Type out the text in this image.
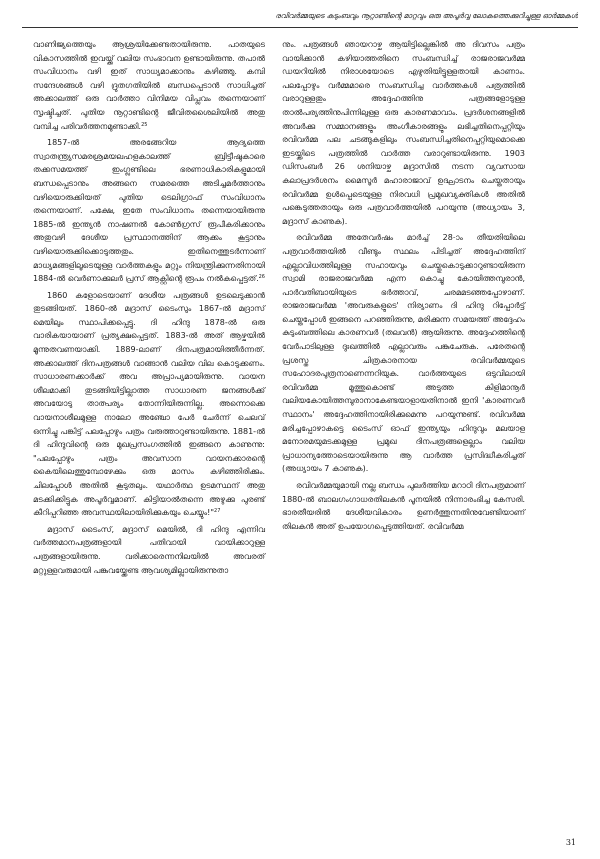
രവിവർമ്മയുടെ കുടുംബവും നൂറ്റാണ്ടിന്റെ മാറ്റവും ഒരു അപൂർവ്വ ലോകത്തെക്കുറിച്ചുള്ള ഓർമ്മകൾ

വാണിജ്യത്തെയും ആശ്രയിക്കേണ്ടതായിരുന്നു. പാതയുടെ വികാസത്തിൽ ഇവയ്ക്ക് വലിയ സംഭാവന ഉണ്ടായിരുന്നു. തപാൽ സംവിധാനം വഴി ഇത് സാധ്യമാക്കാനും കഴിഞ്ഞു. കമ്പി സന്ദേശങ്ങൾ വഴി ദ്രുതഗതിയിൽ ബന്ധപ്പെടാൻ സാധിച്ചത് അക്കാലത്ത് ഒരു വാർത്താ വിനിമയ വിപ്ലവം തന്നെയാണ് സൃഷ്ടിച്ചത്. പുതിയ നൂറ്റാണ്ടിന്റെ ജീവിതശൈലിയിൽ അതു വമ്പിച്ച പരിവർത്തനമുണ്ടാക്കി.$^{25}$

1857-ൽ അരങ്ങേറിയ ആദ്യത്തെ സ്വാതന്ത്ര്യസമരശ്രമയലഹളകാലത്ത് ബ്രിട്ടീഷുകാരെ തക്കസമയത്ത് ഇംഗ്ലണ്ടിലെ ഭരണാധികാരികളുമായി ബന്ധപ്പെടാനും അങ്ങനെ സമരത്തെ അടിച്ചമർത്താനും വഴിയൊരുക്കിയത് പുതിയ ടെലിഗ്രാഫ് സംവിധാനം തന്നെയാണ്. പക്ഷേ, ഇതേ സംവിധാനം തന്നെയായിരുന്നു 1885-ൽ ഇന്ത്യൻ നാഷണൽ കോൺഗ്രസ് രൂപീകരിക്കാനും അതുവഴി ദേശീയ പ്രസ്ഥാനത്തിന് ആക്കം കൂട്ടാനും വഴിയൊരുക്കിക്കൊടുത്തതും. ഇതിനെത്തുടർന്നാണ് മാധ്യമങ്ങളിലൂടെയുള്ള വാർത്തകളും മറ്റും നിയന്ത്രിക്കുന്നതിനായി 1884-ൽ വെർണാക്കുലർ പ്രസ് ആക്റ്റിന്റെ രൂപം നൽകപ്പെട്ടത്.$^{26}$

1860 കളോടെയാണ് ദേശീയ പത്രങ്ങൾ ഉടലെടുക്കാൻ തുടങ്ങിയത്. 1860-ൽ മദ്രാസ് ടൈംസും 1867-ൽ മദ്രാസ് മെയിലും സ്ഥാപിക്കപ്പെട്ടു. ദി ഹിന്ദു 1878-ൽ ഒരു വാരികയായാണ് പ്രത്യക്ഷപ്പെട്ടത്. 1883-ൽ അത് ആഴ്ചയിൽ മൂന്നുതവണയാക്കി. 1889-ലാണ് ദിനപത്രമായിത്തീർന്നത്. അക്കാലത്ത് ദിനപത്രങ്ങൾ വാങ്ങാൻ വലിയ വില കൊടുക്കണം. സാധാരണക്കാർക്ക് അവ അപ്രാപ്യമായിരുന്നു. വായന ശീലമാക്കി തുടങ്ങിയിട്ടില്ലാത്ത സാധാരണ ജനങ്ങൾക്ക് അവയോടു താത്പര്യം തോന്നിയിരുന്നില്ല. അന്നൊക്കെ വായനാശീലമുള്ള നാലോ അഞ്ചോ പേർ ചേർന്ന് ചെലവ് ഒന്നിച്ചു പങ്കിട്ട് പലപ്പോഴും പത്രം വരുത്താറുണ്ടായിരുന്നു. 1881-ൽ ദി ഹിന്ദുവിന്റെ ഒരു മുഖപ്രസംഗത്തിൽ ഇങ്ങനെ കാണുന്നു: "പലപ്പോഴും പത്രം അവസാന വായനക്കാരന്റെ കൈയിലെത്തുമ്പോഴേക്കും ഒരു മാസം കഴിഞ്ഞിരിക്കും. ചിലപ്പോൾ അതിൽ കൂടുതലും. യഥാർത്ഥ ഉടമസ്ഥന് അതു മടക്കിക്കിട്ടുക അപൂർവ്വമാണ്. കിട്ടിയാൽതന്നെ അഴുക്കു പുരണ്ട് കീറിപ്പറിഞ്ഞ അവസ്ഥയിലായിരിക്കുകയും ചെയ്യും!"$^{27}$

മദ്രാസ് ടൈംസ്, മദ്രാസ് മെയിൽ, ദി ഹിന്ദു എന്നിവ വർത്തമാനപത്രങ്ങളായി പതിവായി വായിക്കാറുള്ള പത്രങ്ങളായിരുന്നു. വരിക്കാരെന്നനിലയിൽ അവരത് മറ്റുള്ളവരുമായി പങ്കുവയ്ക്കേണ്ട ആവശ്യമില്ലായിരുന്നുതാ

നും. പത്രങ്ങൾ ഞായറാഴ്ച ആയിട്ടില്ലെങ്കിൽ അ ദിവസം പത്രം വായിക്കാൻ കഴിയാത്തതിനെ സംബന്ധിച്ച് രാജരാജവർമ്മ ഡയറിയിൽ നിരാശയോടെ എഴുതിയിട്ടുള്ളതായി കാണാം. പലപ്പോഴും വർമ്മമാരെ സംബന്ധിച്ച വാർത്തകൾ പത്രത്തിൽ വരാറുള്ളതും അദ്ദേഹത്തിനു പത്രങ്ങളോടുള്ള താൽപര്യത്തിനുപിന്നിലുള്ള ഒരു കാരണമാവാം. പ്രദർശനങ്ങളിൽ അവർക്കു സമ്മാനങ്ങളും അംഗീകാരങ്ങളും ലഭിച്ചതിനെപ്പറ്റിയും രവിവർമ്മ പല ചടങ്ങുകളിലും സംബന്ധിച്ചതിനെപ്പറ്റിയുമൊക്കെ ഇടയ്ക്കിടെ പത്രത്തിൽ വാർത്ത വരാറുണ്ടായിരുന്നു. 1903 ഡിസംബർ 26 ശനിയാഴ്ച മദ്രാസിൽ നടന്ന വ്യവസായ കലാപ്രദർശനം മൈസൂർ മഹാരാജാവ് ഉദ്ഘാടനം ചെയ്തതായും രവിവർമ്മ ഉൾപ്പെടെയുള്ള നിരവധി പ്രമുഖവ്യക്തികൾ അതിൽ പങ്കെടുത്തതായും ഒരു പത്രവാർത്തയിൽ പറയുന്നു (അധ്യായം 3, മദ്രാസ് കാണുക).

രവിവർമ്മ അതേവർഷം മാർച്ച് 28-ാം തീയതിയിലെ പത്രവാർത്തയിൽ വീണ്ടും സ്ഥലം പിടിച്ചത് അദ്ദേഹത്തിന് എല്ലാവിധത്തിലുള്ള സഹായവും ചെയ്തുകൊടുക്കാറുണ്ടായിരുന്ന സ്വാമി രാജരാജവർമ്മ എന്ന കൊച്ചു കോയിത്തമ്പുരാൻ, പാർവതിബായിയുടെ ഭർത്താവ്, ചരമമടഞ്ഞപ്പോഴാണ്. രാജരാജവർമ്മ 'അവരുകളുടെ' നിര്യാണം ദി ഹിന്ദു റിപ്പോർട്ട് ചെയ്തപ്പോൾ ഇങ്ങനെ പറഞ്ഞിരുന്നു, മരിക്കുന്ന സമയത്ത് അദ്ദേഹം കുടുംബത്തിലെ കാരണവർ (തലവൻ) ആയിരുന്നു. അദ്ദേഹത്തിന്റെ വേർപാടിലുള്ള ദുഃഖത്തിൽ എല്ലാവരും പങ്കുചേരുക. പരേതന്റെ പ്രശസ്ത ചിത്രകാരനായ രവിവർമ്മയുടെ സഹോദരപുത്രനാണെന്നറിയുക. വാർത്തയുടെ ഒടുവിലായി രവിവർമ്മ മൂത്തുകൊണ്ട് അടുത്ത കിളിമാനൂർ വലിയകോയിത്തമ്പുരാനാകേണ്ടയാളായതിനാൽ ഇനി 'കാരണവർ സ്ഥാനം' അദ്ദേഹത്തിനായിരിക്കുമെന്നു പറയുന്നുണ്ട്. രവിവർമ്മ മരിച്ചപ്പോഴാകട്ടെ ടൈംസ് ഓഫ് ഇന്ത്യയും ഹിന്ദുവും മലയാള മനോരമയുമടക്കമുള്ള പ്രമുഖ ദിനപത്രങ്ങളെല്ലാം വലിയ പ്രാധാന്യത്തോടെയായിരുന്നു ആ വാർത്ത പ്രസിദ്ധീകരിച്ചത് (അധ്യായം 7 കാണുക).

രവിവർമ്മയുമായി നല്ല ബന്ധം പുലർത്തിയ മറാഠി ദിനപത്രമാണ് 1880-ൽ ബാലഗംഗാധരതിലകൻ പൂനയിൽ നിന്നാരംഭിച്ച കേസരി. ഭാരതീയരിൽ ദേശീയവികാരം ഉണർത്തുന്നതിനുവേണ്ടിയാണ് തിലകൻ അത് ഉപയോഗപ്പെടുത്തിയത്. രവിവർമ്മ

31
